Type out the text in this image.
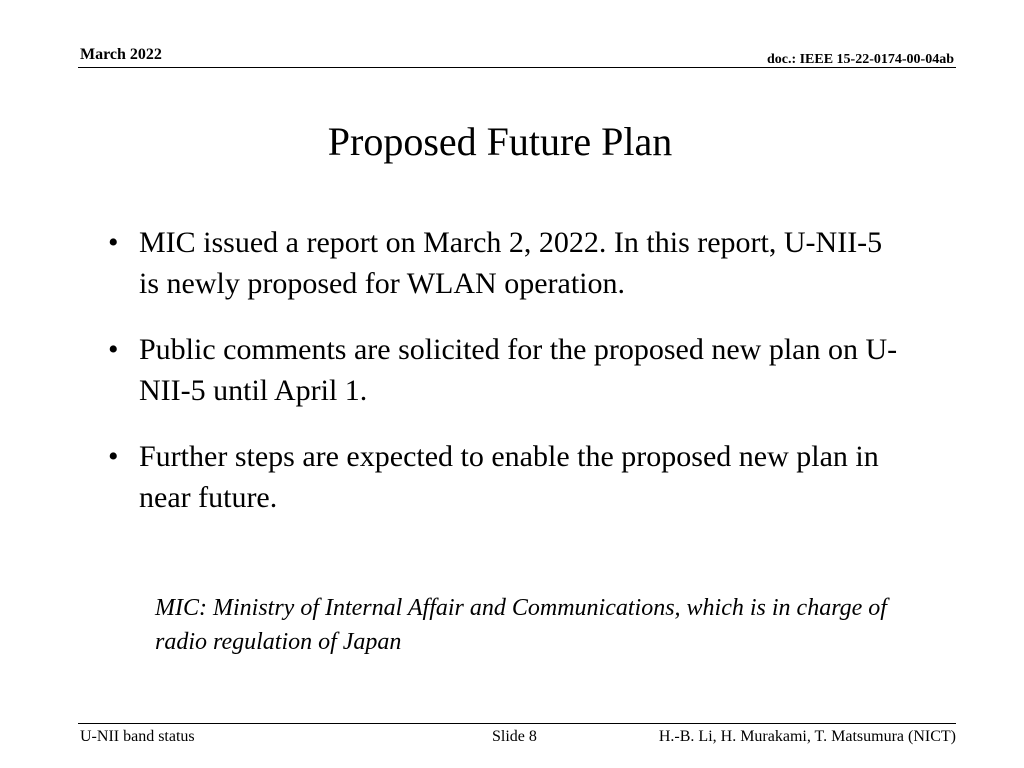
March 2022	doc.: IEEE 15-22-0174-00-04ab
Proposed Future Plan
• MIC issued a report on March 2, 2022. In this report, U-NII-5 is newly proposed for WLAN operation.
• Public comments are solicited for the proposed new plan on U-NII-5 until April 1.
• Further steps are expected to enable the proposed new plan in near future.
MIC: Ministry of Internal Affair and Communications, which is in charge of radio regulation of Japan
U-NII band status	Slide 8	H.-B. Li, H. Murakami, T. Matsumura (NICT)
